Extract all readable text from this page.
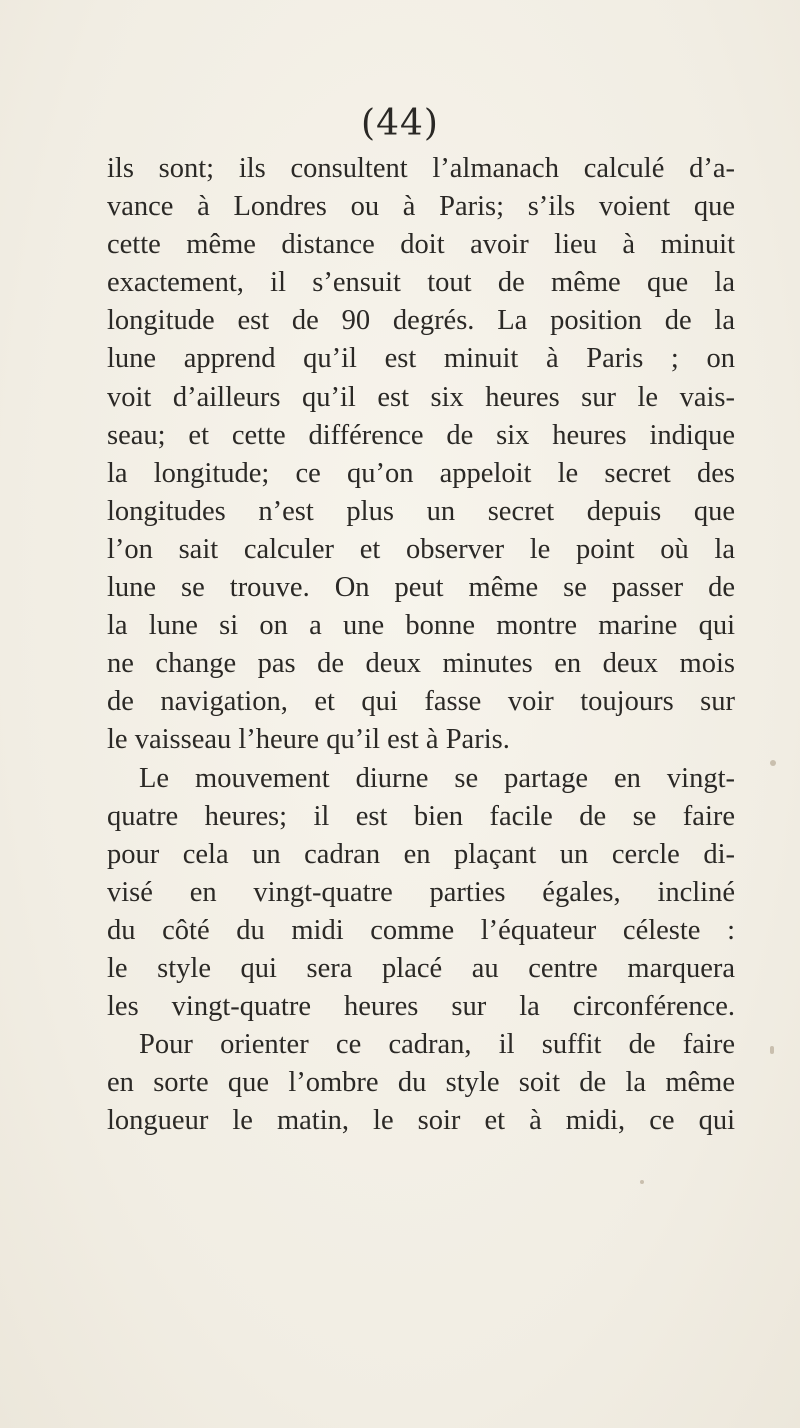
(44)
ils sont; ils consultent l’almanach calculé d’a-
vance à Londres ou à Paris; s’ils voient que
cette même distance doit avoir lieu à minuit
exactement, il s’ensuit tout de même que la
longitude est de 90 degrés. La position de la
lune apprend qu’il est minuit à Paris ; on
voit d’ailleurs qu’il est six heures sur le vais-
seau; et cette différence de six heures indique
la longitude; ce qu’on appeloit le secret des
longitudes n’est plus un secret depuis que
l’on sait calculer et observer le point où la
lune se trouve. On peut même se passer de
la lune si on a une bonne montre marine qui
ne change pas de deux minutes en deux mois
de navigation, et qui fasse voir toujours sur
le vaisseau l’heure qu’il est à Paris.
Le mouvement diurne se partage en vingt-
quatre heures; il est bien facile de se faire
pour cela un cadran en plaçant un cercle di-
visé en vingt-quatre parties égales, incliné
du côté du midi comme l’équateur céleste :
le style qui sera placé au centre marquera
les vingt-quatre heures sur la circonférence.
Pour orienter ce cadran, il suffit de faire
en sorte que l’ombre du style soit de la même
longueur le matin, le soir et à midi, ce qui
